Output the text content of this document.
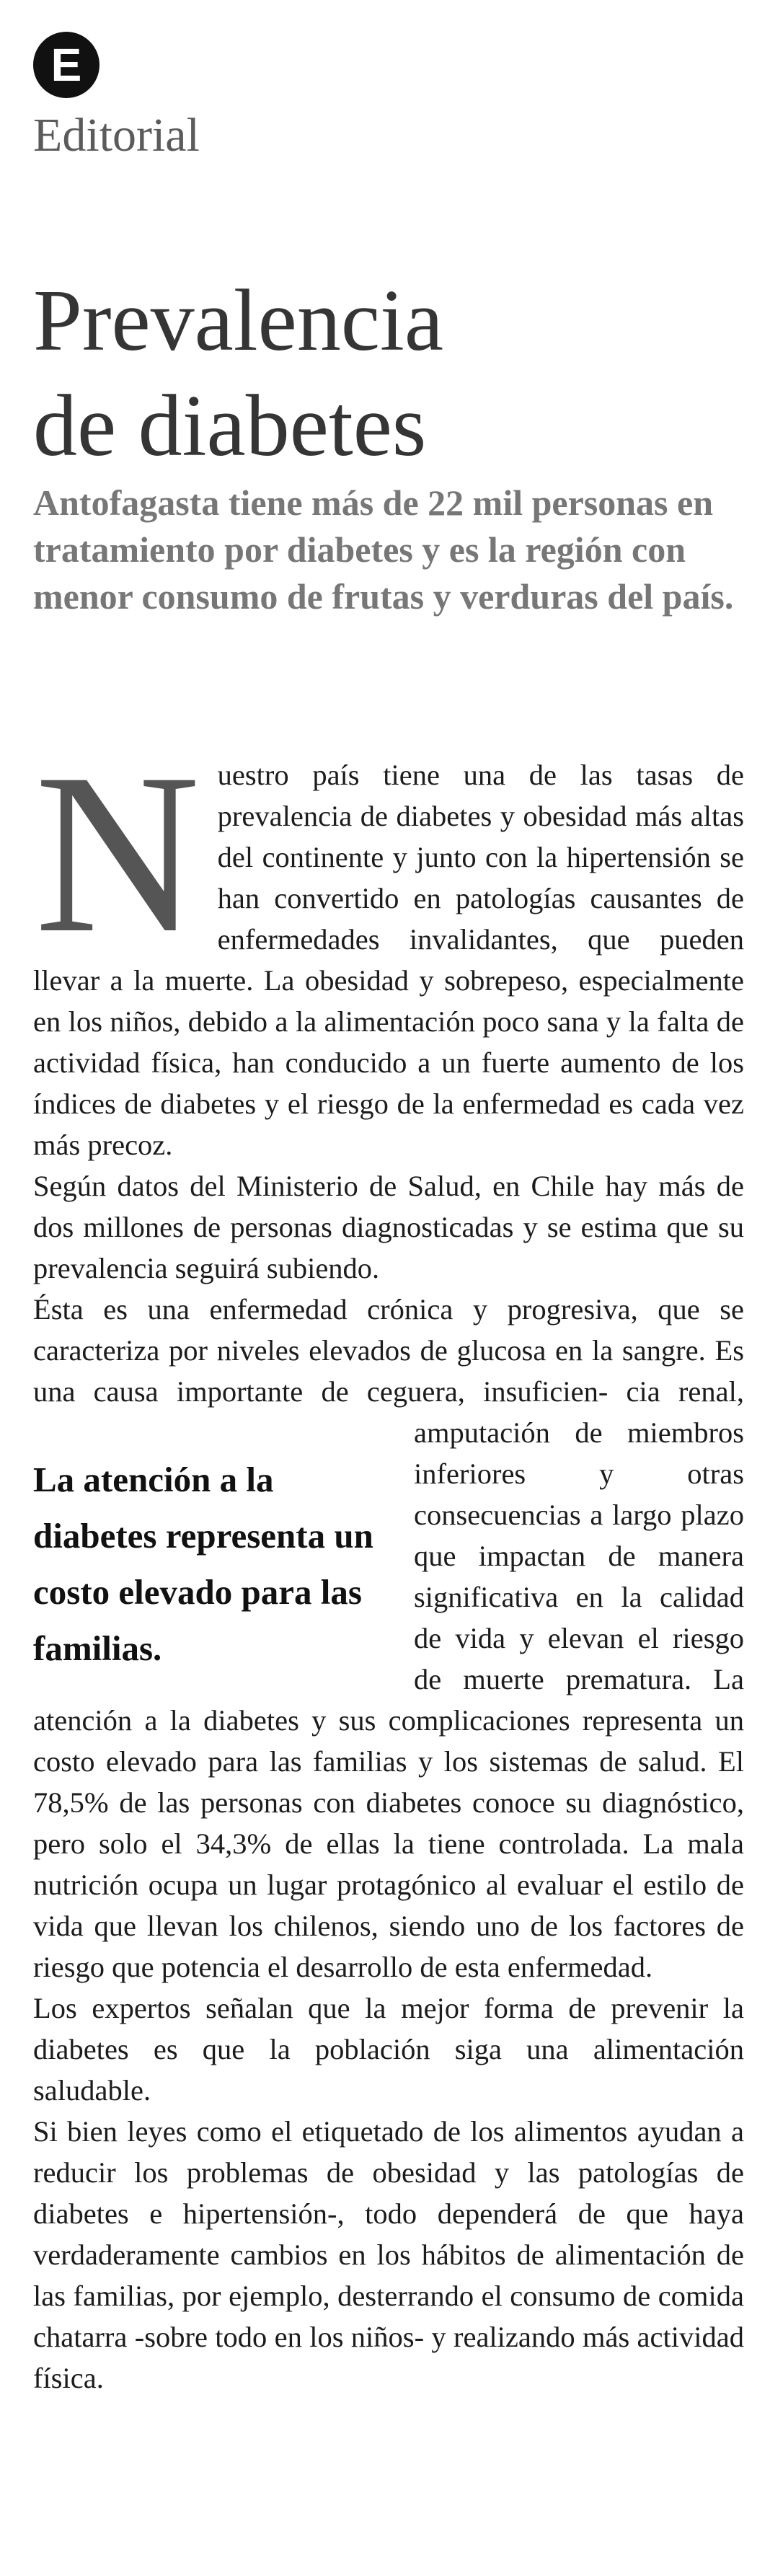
E
Editorial
Prevalencia
de diabetes

Antofagasta tiene más de 22 mil personas en tratamiento por diabetes y es la región con menor consumo de frutas y verduras del país.

Nuestro país tiene una de las tasas de prevalencia de diabetes y obesidad más altas del continente y junto con la hipertensión se han convertido en patologías causantes de enfermedades invalidantes, que pueden llevar a la muerte. La obesidad y sobrepeso, especialmente en los niños, debido a la alimentación poco sana y la falta de actividad física, han conducido a un fuerte aumento de los índices de diabetes y el riesgo de la enfermedad es cada vez más precoz.

Según datos del Ministerio de Salud, en Chile hay más de dos millones de personas diagnosticadas y se estima que su prevalencia seguirá subiendo.

Ésta es una enfermedad crónica y progresiva, que se caracteriza por niveles elevados de glucosa en la sangre. Es una causa importante de ceguera, insuficien-
La atención a la diabetes representa un costo elevado para las familias.
cia renal, amputación de miembros inferiores y otras consecuencias a largo plazo que impactan de manera significativa en la calidad de vida y elevan el riesgo de muerte prematura. La atención a la diabetes y sus complicaciones representa un costo elevado para las familias y los sistemas de salud. El 78,5% de las personas con diabetes conoce su diagnóstico, pero solo el 34,3% de ellas la tiene controlada. La mala nutrición ocupa un lugar protagónico al evaluar el estilo de vida que llevan los chilenos, siendo uno de los factores de riesgo que potencia el desarrollo de esta enfermedad.

Los expertos señalan que la mejor forma de prevenir la diabetes es que la población siga una alimentación saludable.

Si bien leyes como el etiquetado de los alimentos ayudan a reducir los problemas de obesidad y las patologías de diabetes e hipertensión-, todo dependerá de que haya verdaderamente cambios en los hábitos de alimentación de las familias, por ejemplo, desterrando el consumo de comida chatarra -sobre todo en los niños- y realizando más actividad física.
